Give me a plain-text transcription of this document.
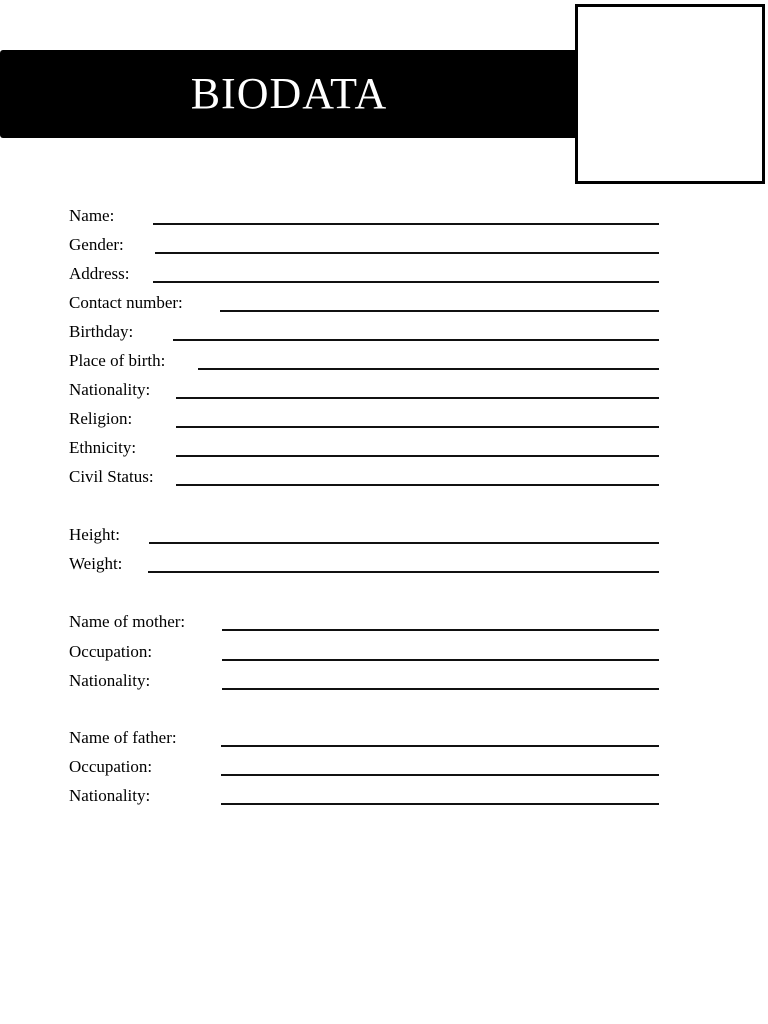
BIODATA
Name:
Gender:
Address:
Contact number:
Birthday:
Place of birth:
Nationality:
Religion:
Ethnicity:
Civil Status:
Height:
Weight:
Name of mother:
Occupation:
Nationality:
Name of father:
Occupation:
Nationality:
